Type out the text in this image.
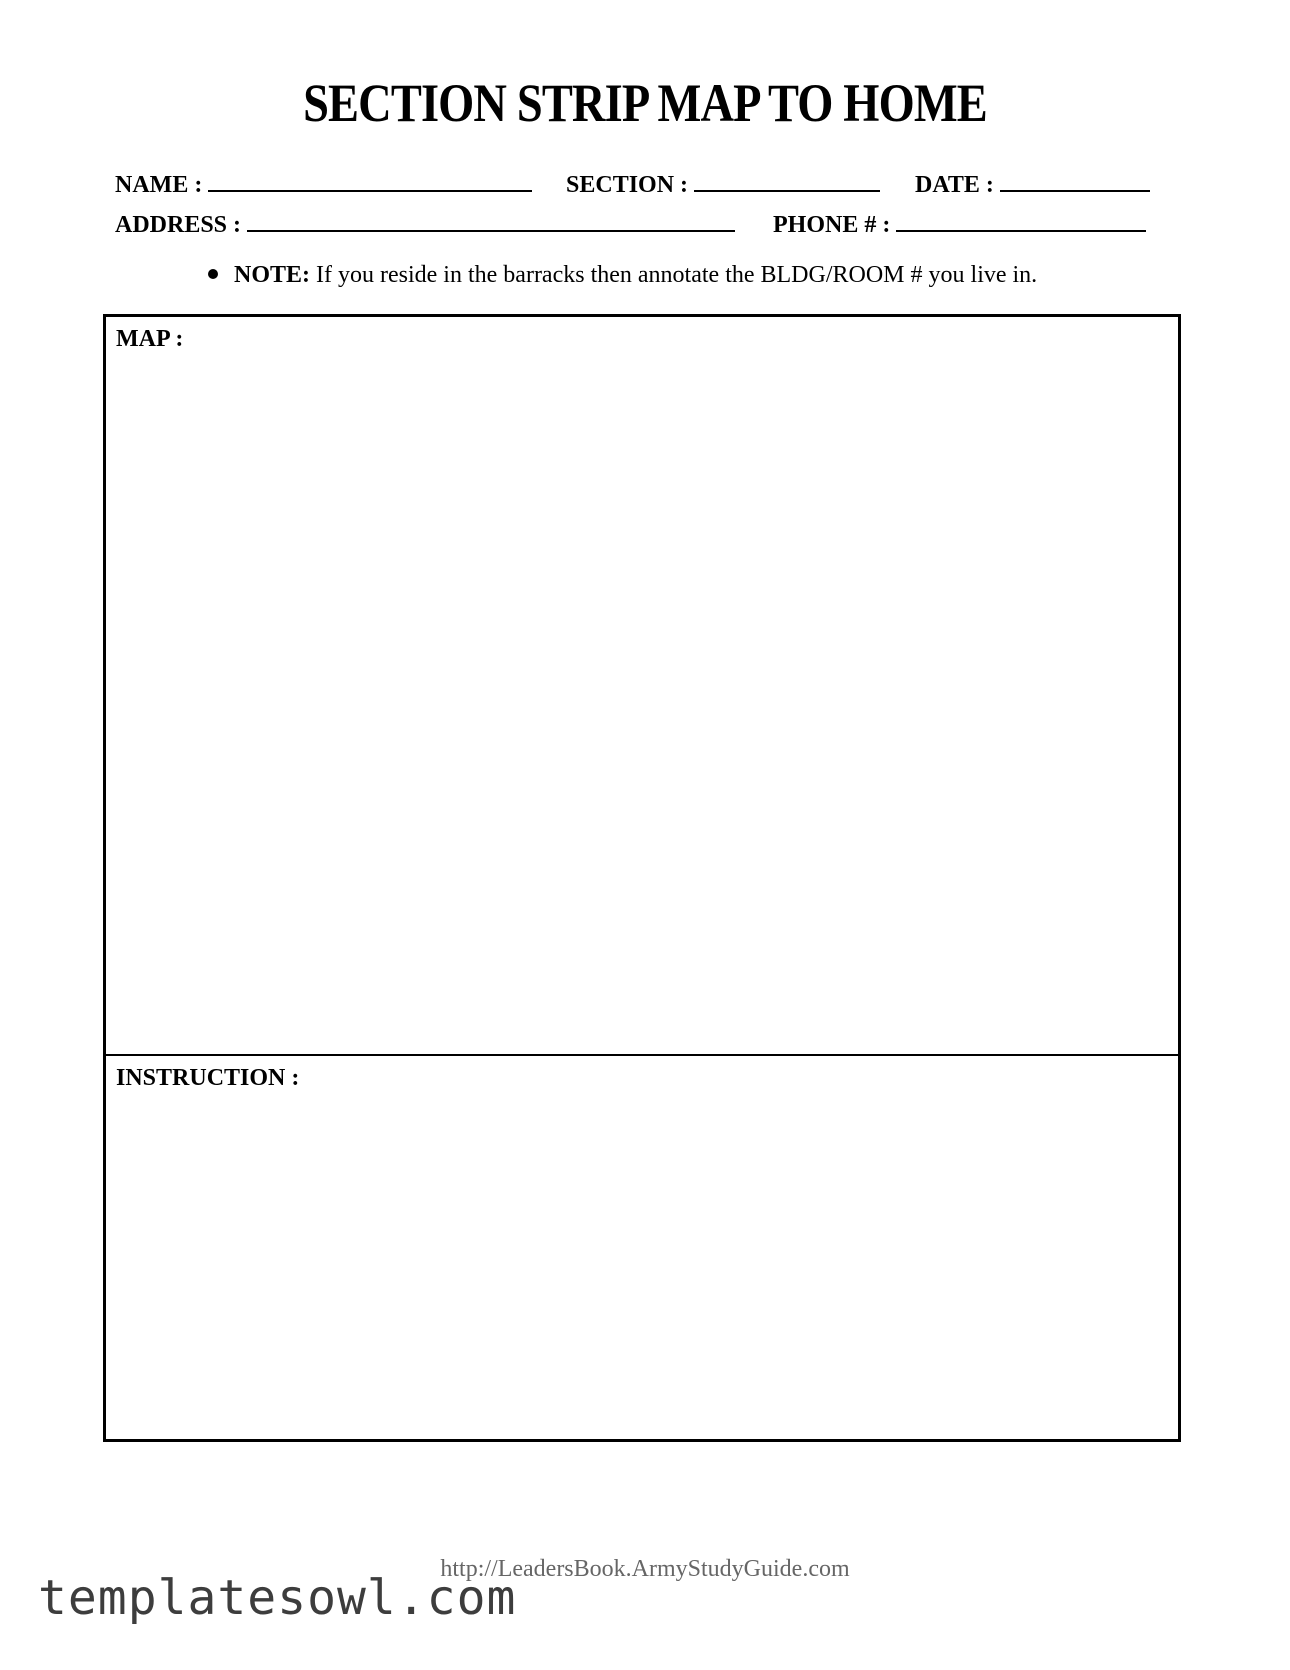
SECTION STRIP MAP TO HOME
NAME :	SECTION :	DATE :
ADDRESS :	PHONE # :
NOTE: If you reside in the barracks then annotate the BLDG/ROOM # you live in.
MAP :
INSTRUCTION :
http://LeadersBook.ArmyStudyGuide.com
templatesowl.com
